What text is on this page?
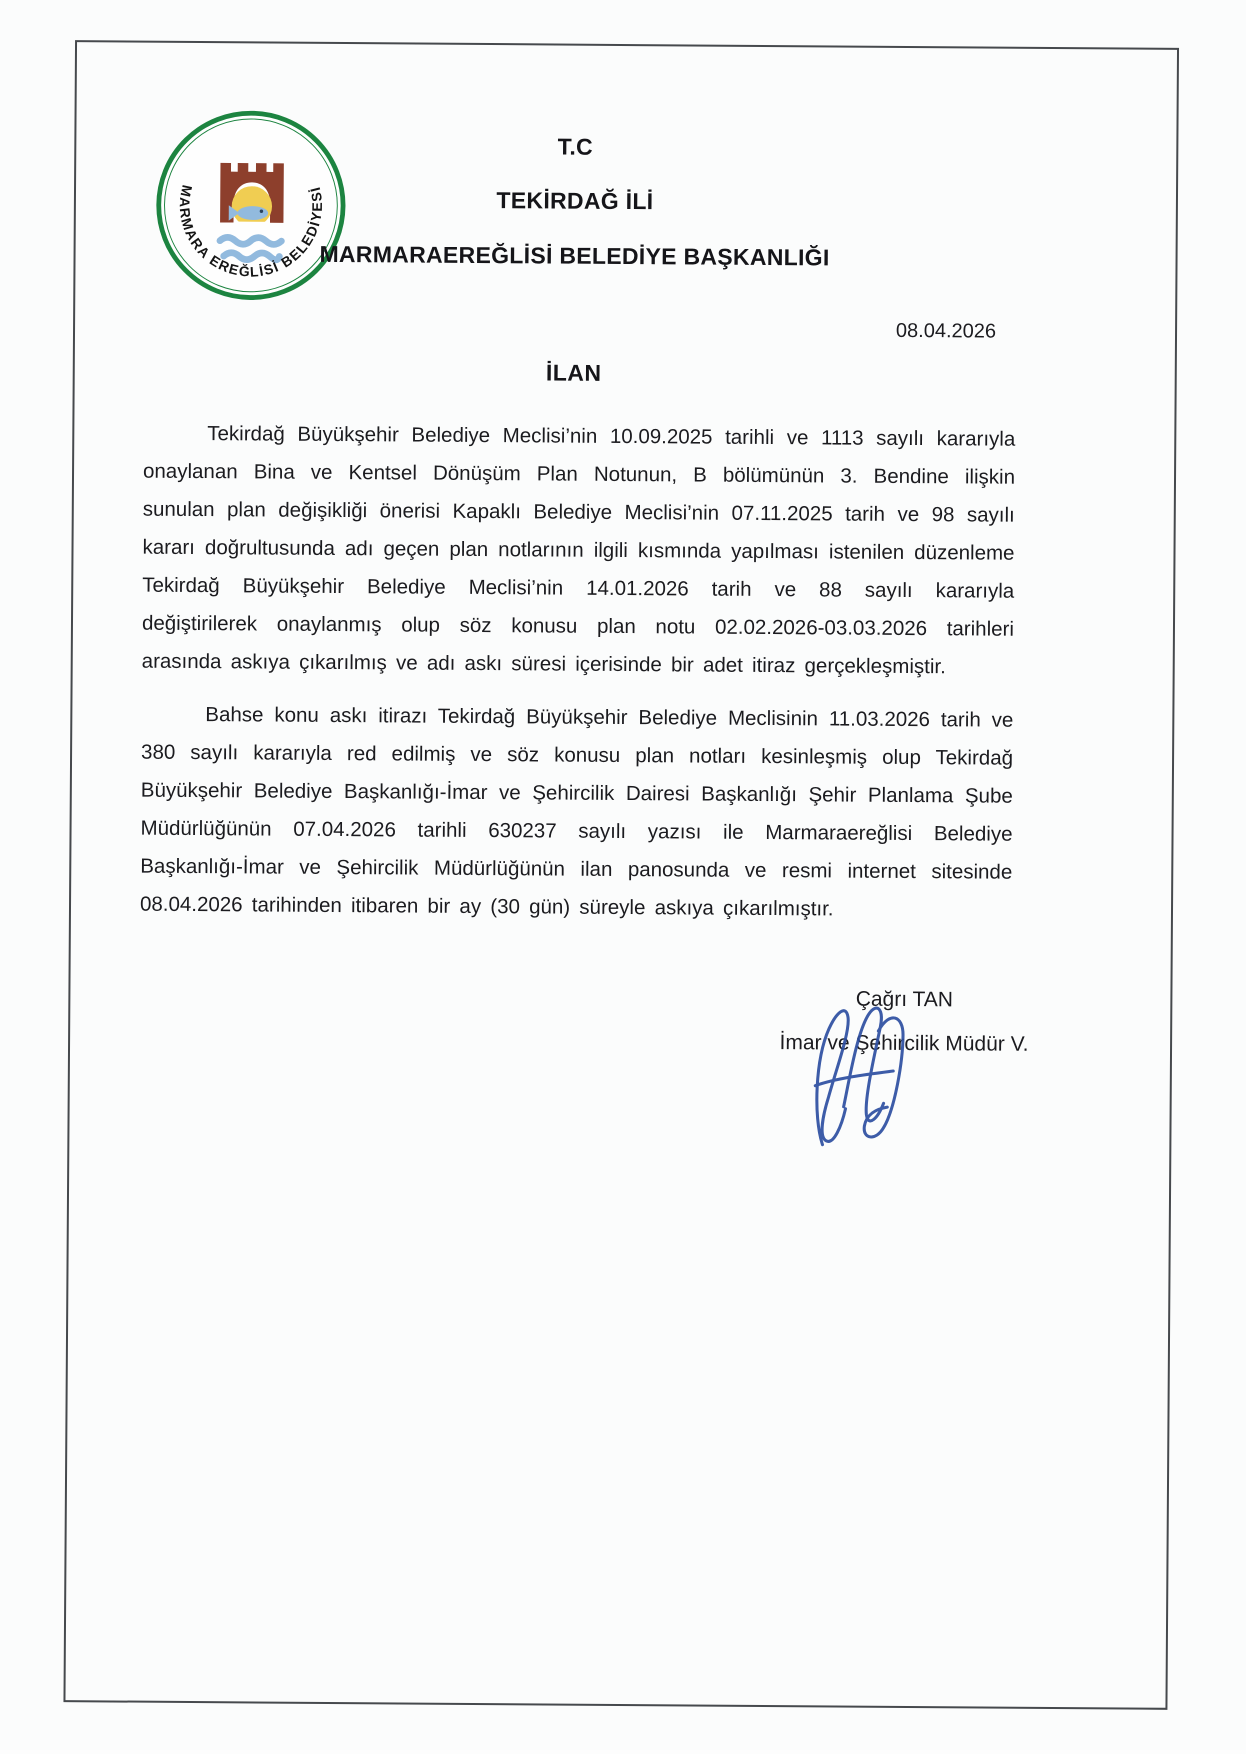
MARMARA EREĞLİSİ BELEDİYESİ
T.C
TEKİRDAĞ İLİ
MARMARAEREĞLİSİ BELEDİYE BAŞKANLIĞI
08.04.2026
İLAN

Tekirdağ Büyükşehir Belediye Meclisi’nin 10.09.2025 tarihli ve 1113 sayılı kararıyla onaylanan Bina ve Kentsel Dönüşüm Plan Notunun, B bölümünün 3. Bendine ilişkin sunulan plan değişikliği önerisi Kapaklı Belediye Meclisi’nin 07.11.2025 tarih ve 98 sayılı kararı doğrultusunda adı geçen plan notlarının ilgili kısmında yapılması istenilen düzenleme Tekirdağ Büyükşehir Belediye Meclisi’nin 14.01.2026 tarih ve 88 sayılı kararıyla değiştirilerek onaylanmış olup söz konusu plan notu 02.02.2026-03.03.2026 tarihleri arasında askıya çıkarılmış ve adı askı süresi içerisinde bir adet itiraz gerçekleşmiştir.

Bahse konu askı itirazı Tekirdağ Büyükşehir Belediye Meclisinin 11.03.2026 tarih ve 380 sayılı kararıyla red edilmiş ve söz konusu plan notları kesinleşmiş olup Tekirdağ Büyükşehir Belediye Başkanlığı-İmar ve Şehircilik Dairesi Başkanlığı Şehir Planlama Şube Müdürlüğünün 07.04.2026 tarihli 630237 sayılı yazısı ile Marmaraereğlisi Belediye Başkanlığı-İmar ve Şehircilik Müdürlüğünün ilan panosunda ve resmi internet sitesinde 08.04.2026 tarihinden itibaren bir ay (30 gün) süreyle askıya çıkarılmıştır.

Çağrı TAN
İmar ve Şehircilik Müdür V.
